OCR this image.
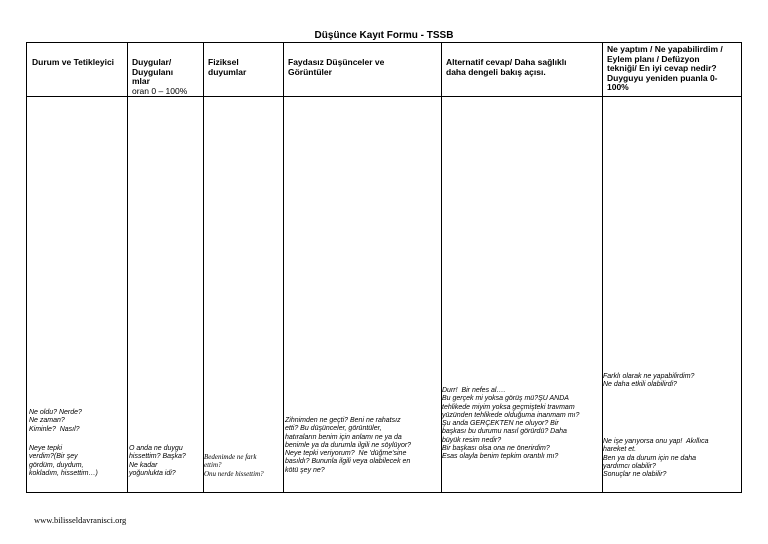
Düşünce Kayıt Formu - TSSB
Durum ve Tetikleyici	Duygular/
Duygulanı
mlar
oran 0 – 100%
Fiziksel
duyumlar
Faydasız Düşünceler ve
Görüntüler
Alternatif cevap/ Daha sağlıklı
daha dengeli bakış açısı.
Ne yaptım / Ne yapabilirdim /
Eylem planı / Defüzyon
tekniği/ En iyi cevap nedir?
Duyguyu yeniden puanla 0-
100%
Ne oldu? Nerde?
Ne zaman?
Kiminle?  Nasıl?
Neye tepki
verdim?(Bir şey
gördüm, duydum,
kokladım, hissettim…)
O anda ne duygu
hissettim? Başka?
Ne kadar
yoğunlukta idi?
Bedenimde ne fark
ettim?
Onu nerde hissettim?
Zihnimden ne geçti? Beni ne rahatsız
etti? Bu düşünceler, görüntüler,
hatıraların benim için anlamı ne ya da
benimle ya da durumla ilgili ne söylüyor?
Neye tepki veriyorum?  Ne 'düğme'sine
basıldı? Bununla ilgili veya olabilecek en
kötü şey ne?
Durr!  Bir nefes al….
Bu gerçek mi yoksa görüş mü?ŞU ANDA
tehlikede miyim yoksa geçmişteki travmam
yüzünden tehlikede olduğuma inanmam mı?
Şu anda GERÇEKTEN ne oluyor? Bir
başkası bu durumu nasıl görürdü? Daha
büyük resim nedir?
Bir başkası olsa ona ne önerirdim?
Esas olayla benim tepkim orantılı mı?
Farklı olarak ne yapabilirdim?
Ne daha etkili olabilirdi?
Ne işe yarıyorsa onu yap!  Akıllıca
hareket et.
Ben ya da durum için ne daha
yardımcı olabilir?
Sonuçlar ne olabilir?
www.bilisseldavranisci.org
